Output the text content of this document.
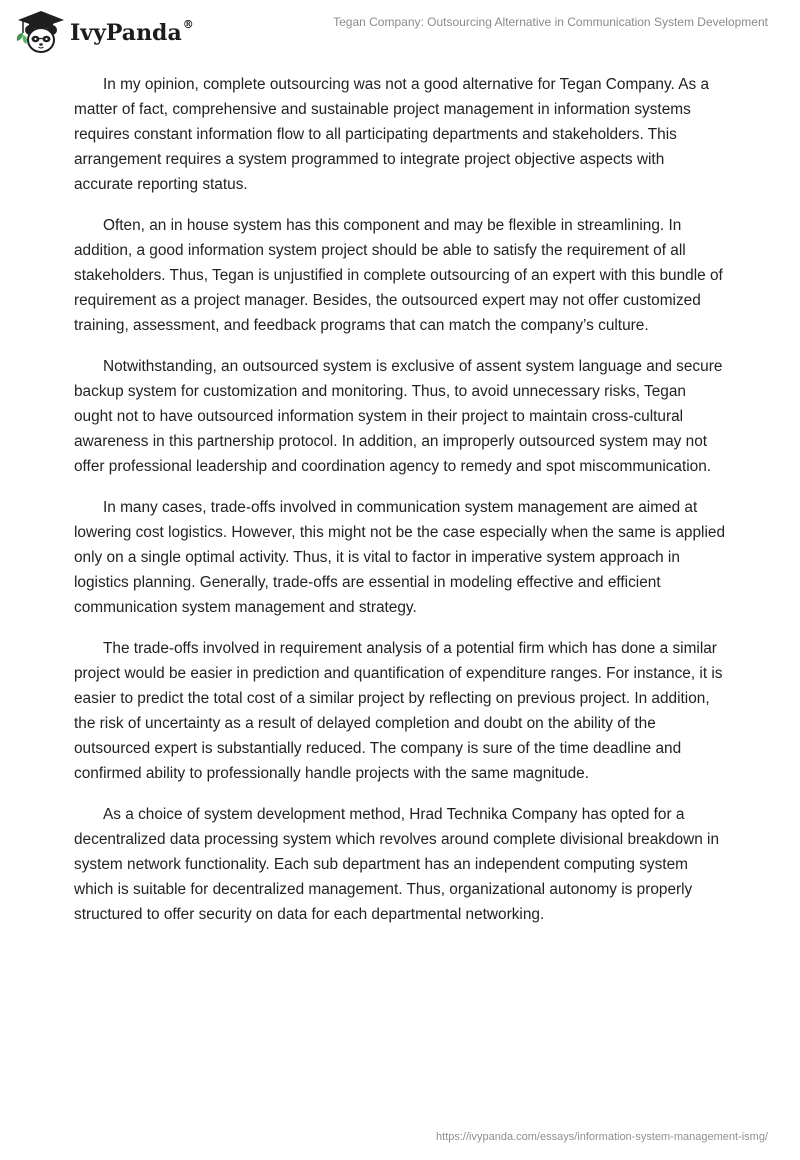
IvyPanda®	Tegan Company: Outsourcing Alternative in Communication System Development

In my opinion, complete outsourcing was not a good alternative for Tegan Company. As a matter of fact, comprehensive and sustainable project management in information systems requires constant information flow to all participating departments and stakeholders. This arrangement requires a system programmed to integrate project objective aspects with accurate reporting status.

Often, an in house system has this component and may be flexible in streamlining. In addition, a good information system project should be able to satisfy the requirement of all stakeholders. Thus, Tegan is unjustified in complete outsourcing of an expert with this bundle of requirement as a project manager. Besides, the outsourced expert may not offer customized training, assessment, and feedback programs that can match the company’s culture.

Notwithstanding, an outsourced system is exclusive of assent system language and secure backup system for customization and monitoring. Thus, to avoid unnecessary risks, Tegan ought not to have outsourced information system in their project to maintain cross-cultural awareness in this partnership protocol. In addition, an improperly outsourced system may not offer professional leadership and coordination agency to remedy and spot miscommunication.

In many cases, trade-offs involved in communication system management are aimed at lowering cost logistics. However, this might not be the case especially when the same is applied only on a single optimal activity. Thus, it is vital to factor in imperative system approach in logistics planning. Generally, trade-offs are essential in modeling effective and efficient communication system management and strategy.

The trade-offs involved in requirement analysis of a potential firm which has done a similar project would be easier in prediction and quantification of expenditure ranges. For instance, it is easier to predict the total cost of a similar project by reflecting on previous project. In addition, the risk of uncertainty as a result of delayed completion and doubt on the ability of the outsourced expert is substantially reduced. The company is sure of the time deadline and confirmed ability to professionally handle projects with the same magnitude.

As a choice of system development method, Hrad Technika Company has opted for a decentralized data processing system which revolves around complete divisional breakdown in system network functionality. Each sub department has an independent computing system which is suitable for decentralized management. Thus, organizational autonomy is properly structured to offer security on data for each departmental networking.

https://ivypanda.com/essays/information-system-management-ismg/
